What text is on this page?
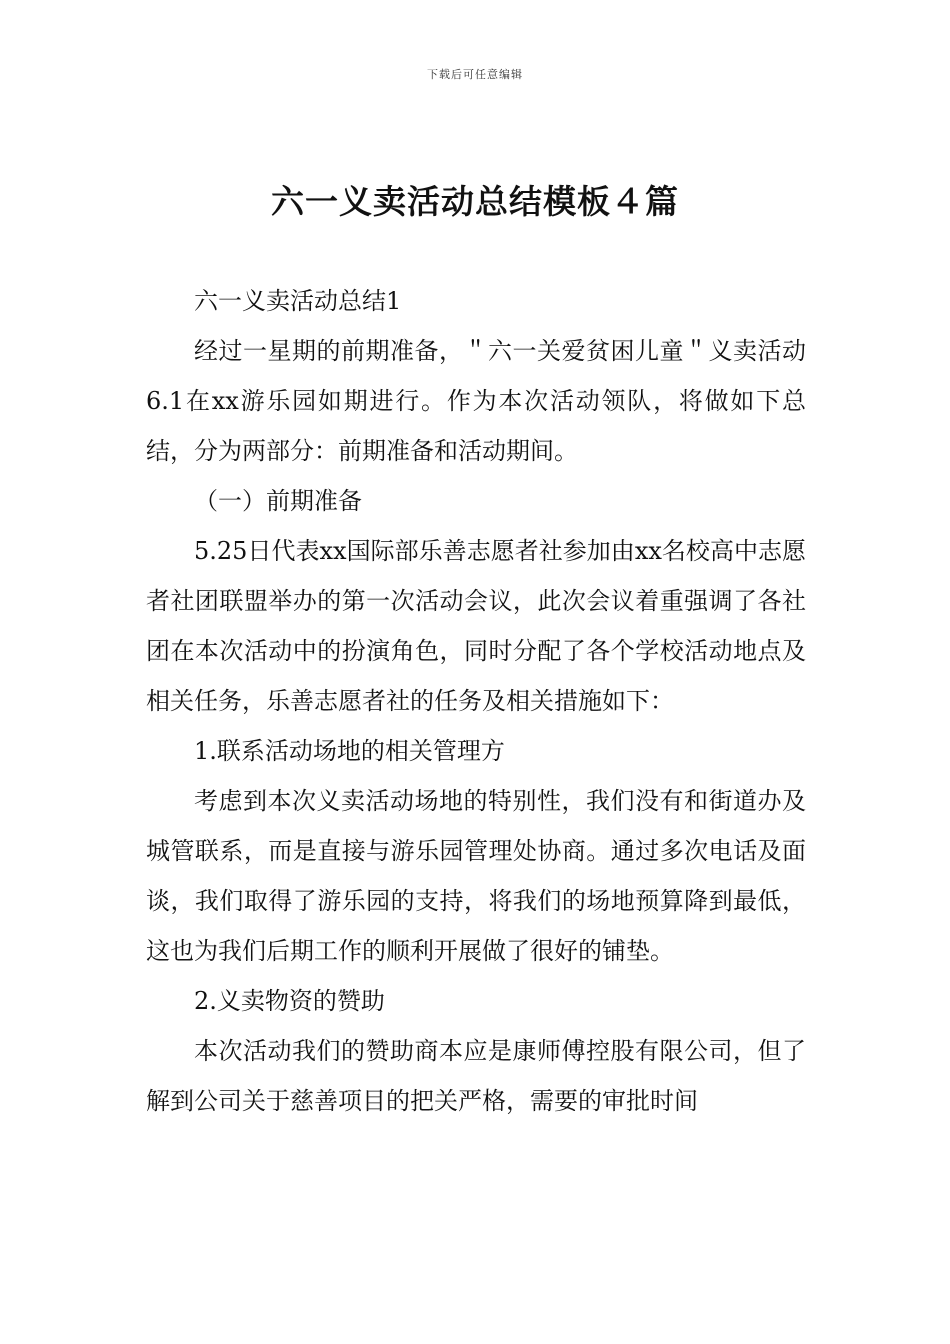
下载后可任意编辑
六一义卖活动总结模板４篇

六一义卖活动总结1

经过一星期的前期准备，＂六一关爱贫困儿童＂义卖活动6.1在xx游乐园如期进行。作为本次活动领队，将做如下总结，分为两部分：前期准备和活动期间。

（一）前期准备

5.25日代表xx国际部乐善志愿者社参加由xx名校高中志愿者社团联盟举办的第一次活动会议，此次会议着重强调了各社团在本次活动中的扮演角色，同时分配了各个学校活动地点及相关任务，乐善志愿者社的任务及相关措施如下：

1.联系活动场地的相关管理方

考虑到本次义卖活动场地的特别性，我们没有和街道办及城管联系，而是直接与游乐园管理处协商。通过多次电话及面谈，我们取得了游乐园的支持，将我们的场地预算降到最低，这也为我们后期工作的顺利开展做了很好的铺垫。

2.义卖物资的赞助

本次活动我们的赞助商本应是康师傅控股有限公司，但了解到公司关于慈善项目的把关严格，需要的审批时间
